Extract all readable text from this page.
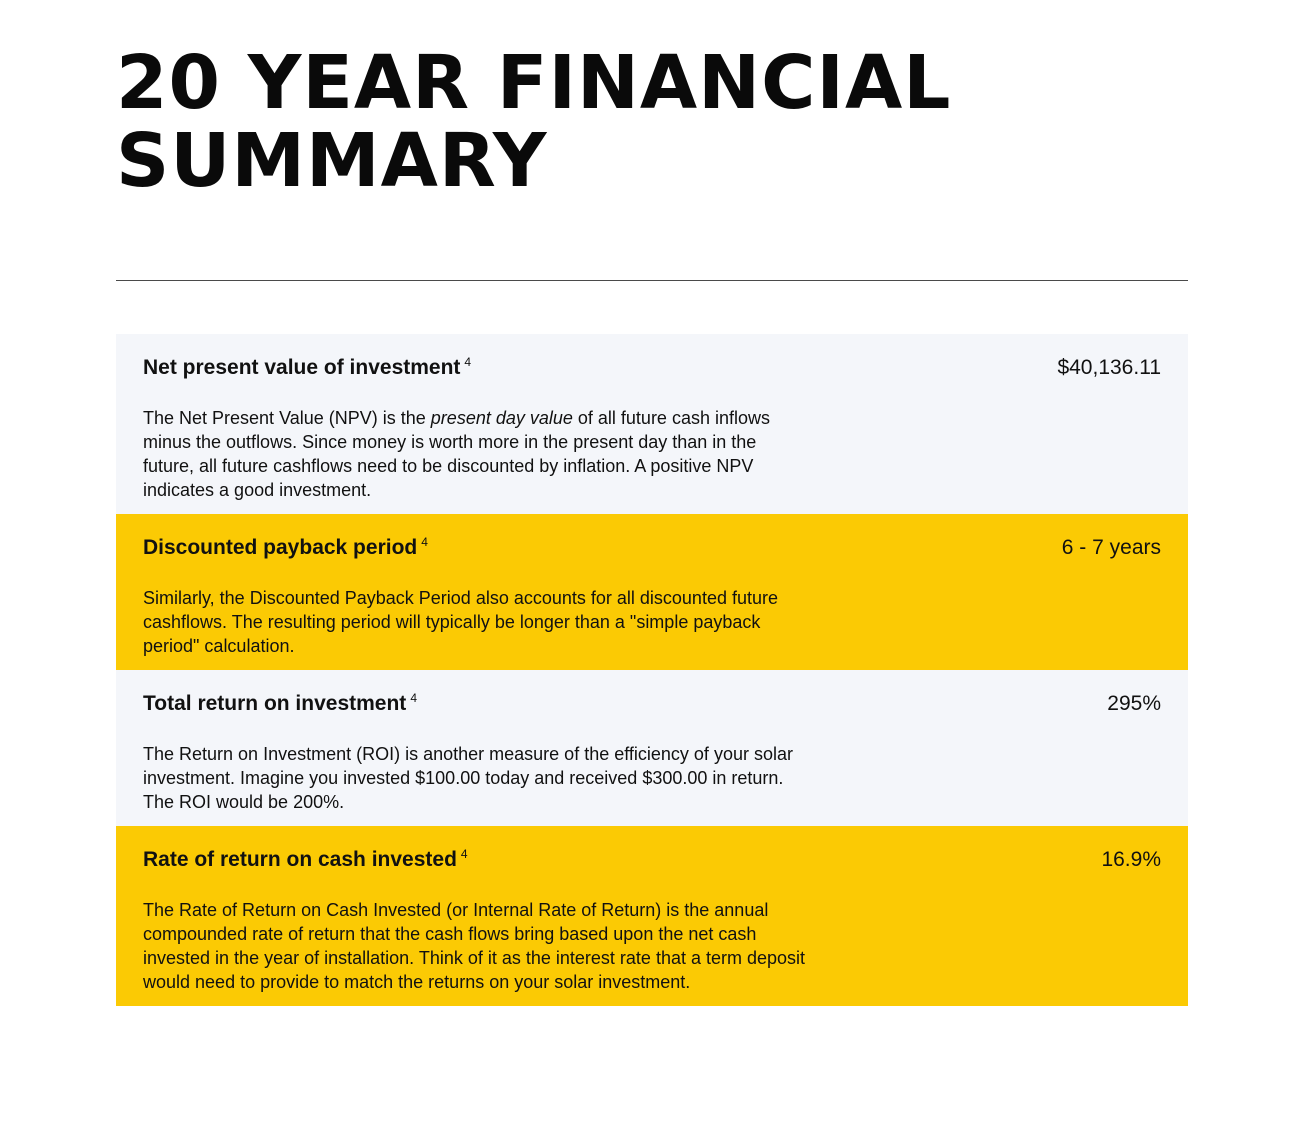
20 YEAR FINANCIAL
SUMMARY
Net present value of investment $^4$	$40,136.11
The Net Present Value (NPV) is the present day value of all future cash inflows minus the outflows. Since money is worth more in the present day than in the future, all future cashflows need to be discounted by inflation. A positive NPV indicates a good investment.
Discounted payback period $^4$	6 - 7 years
Similarly, the Discounted Payback Period also accounts for all discounted future cashflows. The resulting period will typically be longer than a "simple payback period" calculation.
Total return on investment $^4$	295%
The Return on Investment (ROI) is another measure of the efficiency of your solar investment. Imagine you invested $100.00 today and received $300.00 in return. The ROI would be 200%.
Rate of return on cash invested $^4$	16.9%
The Rate of Return on Cash Invested (or Internal Rate of Return) is the annual compounded rate of return that the cash flows bring based upon the net cash invested in the year of installation. Think of it as the interest rate that a term deposit would need to provide to match the returns on your solar investment.
